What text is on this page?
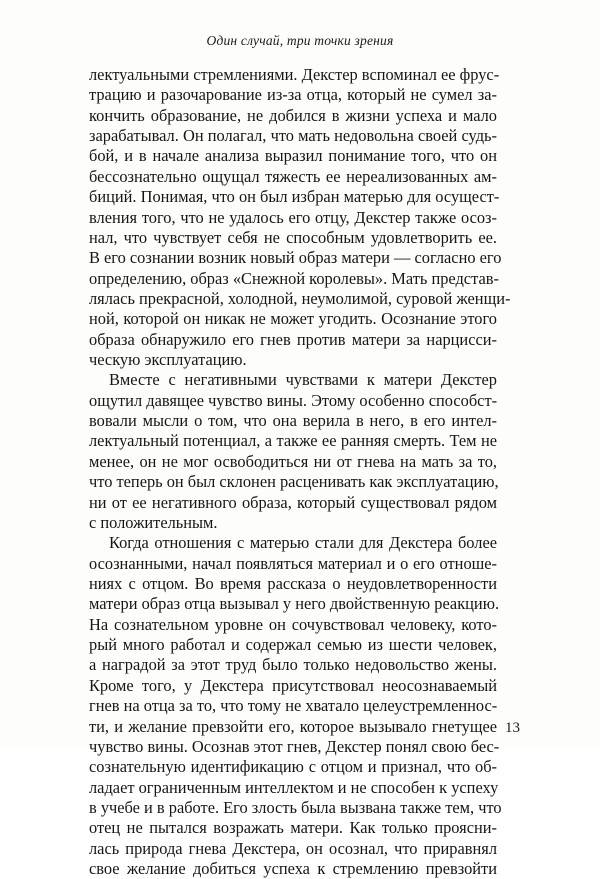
Один случай, три точки зрения
лектуальными стремлениями. Декстер вспоминал ее фрус-
трацию и разочарование из-за отца, который не сумел за-
кончить образование, не добился в жизни успеха и мало
зарабатывал. Он полагал, что мать недовольна своей судь-
бой, и в начале анализа выразил понимание того, что он
бессознательно ощущал тяжесть ее нереализованных ам-
биций. Понимая, что он был избран матерью для осущест-
вления того, что не удалось его отцу, Декстер также осоз-
нал, что чувствует себя не способным удовлетворить ее.
В его сознании возник новый образ матери — согласно его
определению, образ «Снежной королевы». Мать представ-
лялась прекрасной, холодной, неумолимой, суровой женщи-
ной, которой он никак не может угодить. Осознание этого
образа обнаружило его гнев против матери за нарцисси-
ческую эксплуатацию.
Вместе с негативными чувствами к матери Декстер
ощутил давящее чувство вины. Этому особенно способст-
вовали мысли о том, что она верила в него, в его интел-
лектуальный потенциал, а также ее ранняя смерть. Тем не
менее, он не мог освободиться ни от гнева на мать за то,
что теперь он был склонен расценивать как эксплуатацию,
ни от ее негативного образа, который существовал рядом
с положительным.
Когда отношения с матерью стали для Декстера более
осознанными, начал появляться материал и о его отноше-
ниях с отцом. Во время рассказа о неудовлетворенности
матери образ отца вызывал у него двойственную реакцию.
На сознательном уровне он сочувствовал человеку, кото-
рый много работал и содержал семью из шести человек,
а наградой за этот труд было только недовольство жены.
Кроме того, у Декстера присутствовал неосознаваемый
гнев на отца за то, что тому не хватало целеустремленнос-
ти, и желание превзойти его, которое вызывало гнетущее
чувство вины. Осознав этот гнев, Декстер понял свою бес-
сознательную идентификацию с отцом и признал, что об-
ладает ограниченным интеллектом и не способен к успеху
в учебе и в работе. Его злость была вызвана также тем, что
отец не пытался возражать матери. Как только проясни-
лась природа гнева Декстера, он осознал, что приравнял
свое желание добиться успеха к стремлению превзойти
13
